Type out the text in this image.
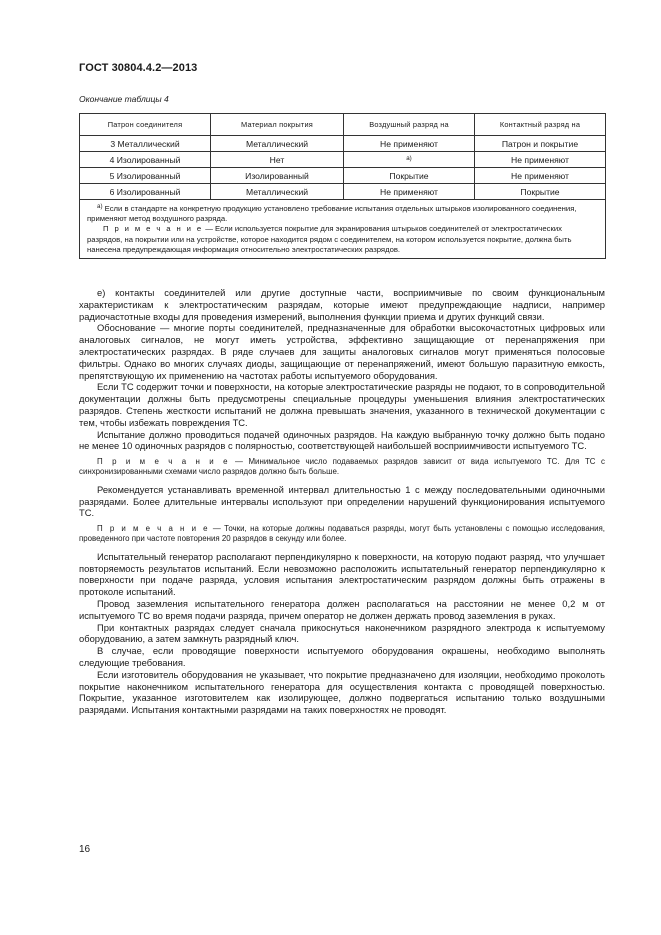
ГОСТ 30804.4.2—2013
Окончание таблицы 4
Патрон соединителя	Материал покрытия	Воздушный разряд на	Контактный разряд на
3 Металлический	Металлический	Не применяют	Патрон и покрытие
4 Изолированный	Нет	$^{а)}$	Не применяют
5 Изолированный	Изолированный	Покрытие	Не применяют
6 Изолированный	Металлический	Не применяют	Покрытие

$^{а)}$ Если в стандарте на конкретную продукцию установлено требование испытания отдельных штырьков изолированного соединения, применяют метод воздушного разряда.
П р и м е ч а н и е — Если используется покрытие для экранирования штырьков соединителей от электростатических разрядов, на покрытии или на устройстве, которое находится рядом с соединителем, на котором используется покрытие, должна быть нанесена предупреждающая информация относительно электростатических разрядов.			

е) контакты соединителей или другие доступные части, восприимчивые по своим функциональным характеристикам к электростатическим разрядам, которые имеют предупреждающие надписи, например радиочастотные входы для проведения измерений, выполнения функции приема и других функций связи.

Обоснование — многие порты соединителей, предназначенные для обработки высокочастотных цифровых или аналоговых сигналов, не могут иметь устройства, эффективно защищающие от перенапряжения при электростатических разрядах. В ряде случаев для защиты аналоговых сигналов могут применяться полосовые фильтры. Однако во многих случаях диоды, защищающие от перенапряжений, имеют большую паразитную емкость, препятствующую их применению на частотах работы испытуемого оборудования.

Если ТС содержит точки и поверхности, на которые электростатические разряды не подают, то в сопроводительной документации должны быть предусмотрены специальные процедуры уменьшения влияния электростатических разрядов. Степень жесткости испытаний не должна превышать значения, указанного в технической документации с тем, чтобы избежать повреждения ТС.

Испытание должно проводиться подачей одиночных разрядов. На каждую выбранную точку должно быть подано не менее 10 одиночных разрядов с полярностью, соответствующей наибольшей восприимчивости испытуемого ТС.

П р и м е ч а н и е — Минимальное число подаваемых разрядов зависит от вида испытуемого ТС. Для ТС с синхронизированными схемами число разрядов должно быть больше.

Рекомендуется устанавливать временной интервал длительностью 1 с между последовательными одиночными разрядами. Более длительные интервалы используют при определении нарушений функционирования испытуемого ТС.

П р и м е ч а н и е — Точки, на которые должны подаваться разряды, могут быть установлены с помощью исследования, проведенного при частоте повторения 20 разрядов в секунду или более.

Испытательный генератор располагают перпендикулярно к поверхности, на которую подают разряд, что улучшает повторяемость результатов испытаний. Если невозможно расположить испытательный генератор перпендикулярно к поверхности при подаче разряда, условия испытания электростатическим разрядом должны быть отражены в протоколе испытаний.

Провод заземления испытательного генератора должен располагаться на расстоянии не менее 0,2 м от испытуемого ТС во время подачи разряда, причем оператор не должен держать провод заземления в руках.

При контактных разрядах следует сначала прикоснуться наконечником разрядного электрода к испытуемому оборудованию, а затем замкнуть разрядный ключ.

В случае, если проводящие поверхности испытуемого оборудования окрашены, необходимо выполнять следующие требования.

Если изготовитель оборудования не указывает, что покрытие предназначено для изоляции, необходимо проколоть покрытие наконечником испытательного генератора для осуществления контакта с проводящей поверхностью. Покрытие, указанное изготовителем как изолирующее, должно подвергаться испытанию только воздушными разрядами. Испытания контактными разрядами на таких поверхностях не проводят.

16
